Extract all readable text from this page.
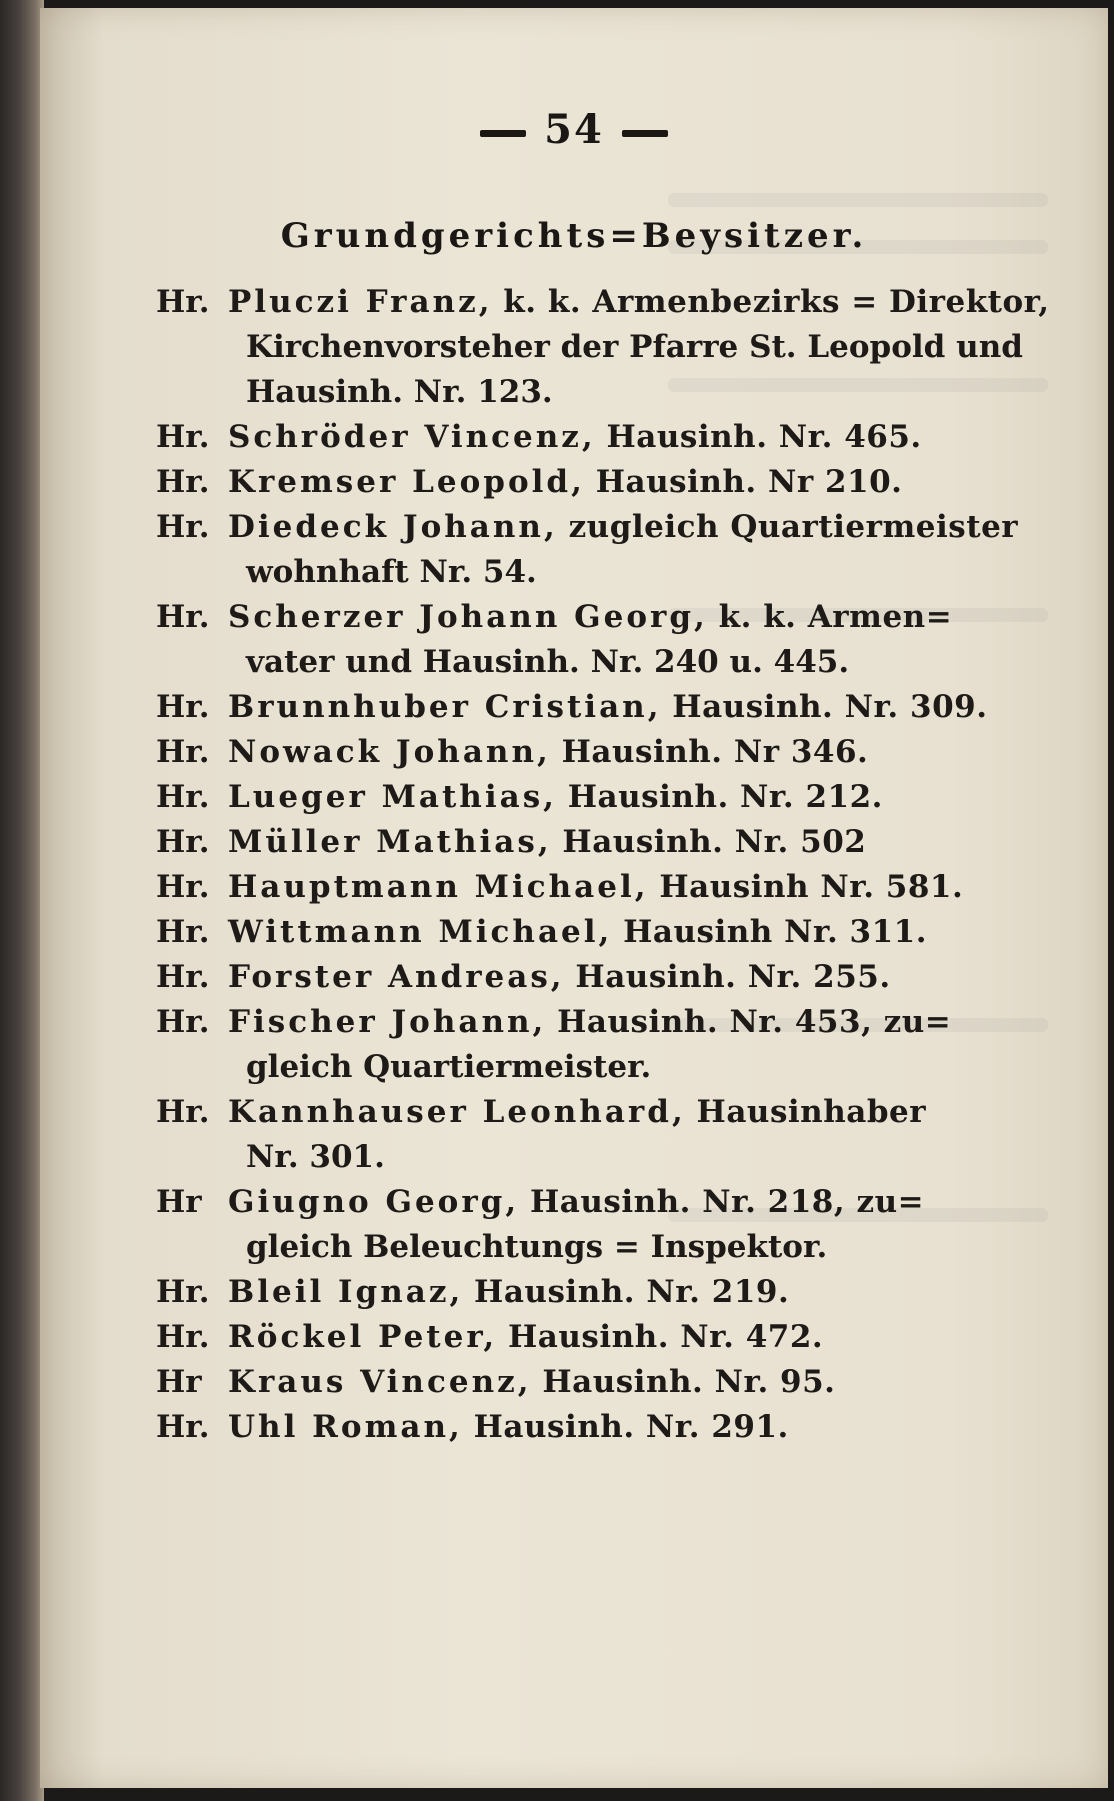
54
Grundgerichts=Beysitzer.
Hr. Pluczi Franz, k. k. Armenbezirks = Direktor,
Kirchenvorsteher der Pfarre St. Leopold und
Hausinh. Nr. 123.
Hr. Schröder Vincenz, Hausinh. Nr. 465.
Hr. Kremser Leopold, Hausinh. Nr 210.
Hr. Diedeck Johann, zugleich Quartiermeister
wohnhaft Nr. 54.
Hr. Scherzer Johann Georg, k. k. Armen=
vater und Hausinh. Nr. 240 u. 445.
Hr. Brunnhuber Cristian, Hausinh. Nr. 309.
Hr. Nowack Johann, Hausinh. Nr 346.
Hr. Lueger Mathias, Hausinh. Nr. 212.
Hr. Müller Mathias, Hausinh. Nr. 502
Hr. Hauptmann Michael, Hausinh Nr. 581.
Hr. Wittmann Michael, Hausinh Nr. 311.
Hr. Forster Andreas, Hausinh. Nr. 255.
Hr. Fischer Johann, Hausinh. Nr. 453, zu=
gleich Quartiermeister.
Hr. Kannhauser Leonhard, Hausinhaber
Nr. 301.
Hr Giugno Georg, Hausinh. Nr. 218, zu=
gleich Beleuchtungs = Inspektor.
Hr. Bleil Ignaz, Hausinh. Nr. 219.
Hr. Röckel Peter, Hausinh. Nr. 472.
Hr Kraus Vincenz, Hausinh. Nr. 95.
Hr. Uhl Roman, Hausinh. Nr. 291.
